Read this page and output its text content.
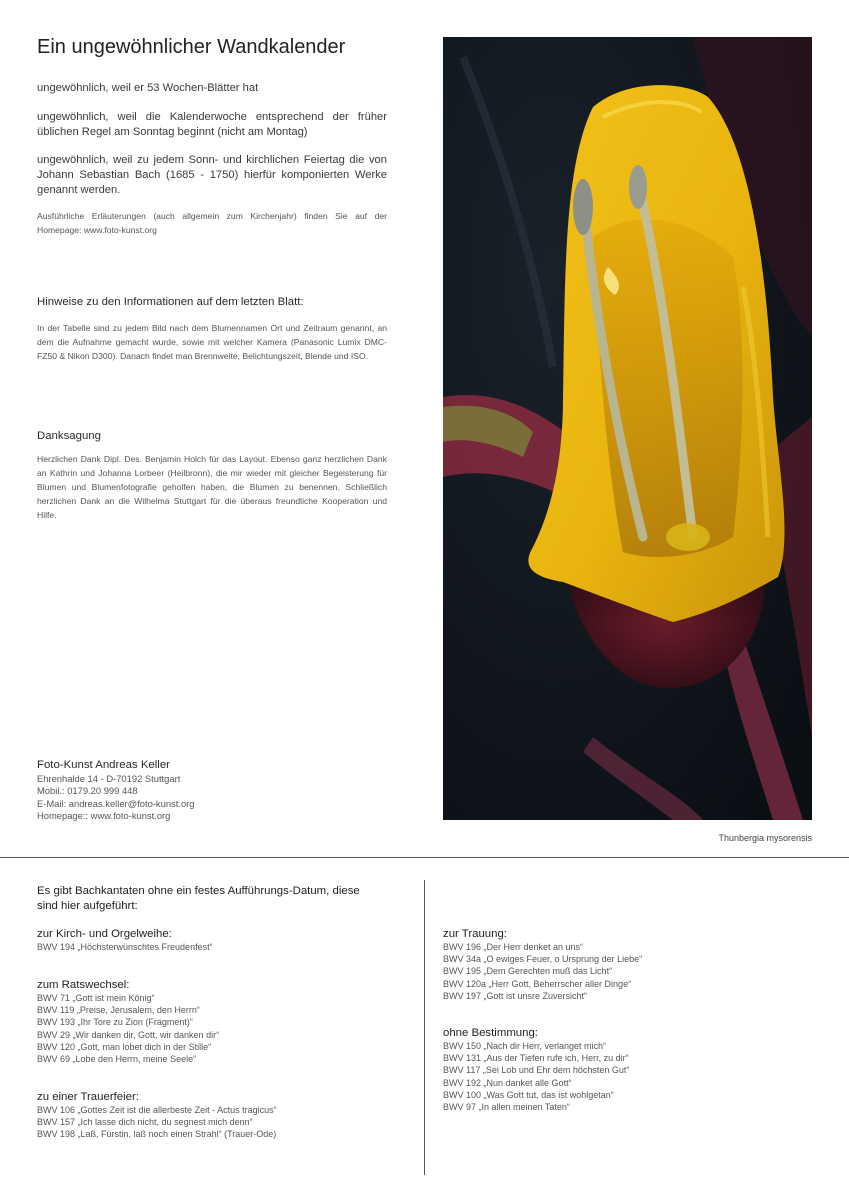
Ein ungewöhnlicher Wandkalender
ungewöhnlich, weil er 53 Wochen-Blätter hat
ungewöhnlich, weil die Kalenderwoche entsprechend der früher üblichen Regel am Sonntag beginnt (nicht am Montag)
ungewöhnlich, weil zu jedem Sonn- und kirchlichen Feiertag die von Johann Sebastian Bach (1685 - 1750) hierfür komponierten Werke genannt werden.
Ausführliche Erläuterungen (auch allgemein zum Kirchenjahr) finden Sie auf der Homepage: www.foto-kunst.org
Hinweise zu den Informationen auf dem letzten Blatt:
In der Tabelle sind zu jedem Bild nach dem Blumennamen Ort und Zeitraum genannt, an dem die Aufnahme gemacht wurde, sowie mit welcher Kamera (Panasonic Lumix DMC-FZ50 & Nikon D300). Danach findet man Brennweite, Belichtungszeit, Blende und ISO.
Danksagung
Herzlichen Dank Dipl. Des. Benjamin Holch für das Layout. Ebenso ganz herzlichen Dank an Kathrin und Johanna Lorbeer (Heilbronn), die mir wieder mit gleicher Begeisterung für Blumen und Blumenfotografie geholfen haben, die Blumen zu benennen. Schließlich herzlichen Dank an die Wilhelma Stuttgart für die überaus freundliche Kooperation und Hilfe.
Foto-Kunst Andreas Keller
Ehrenhalde 14 - D-70192 Stuttgart
Mobil.: 0179.20 999 448
E-Mail: andreas.keller@foto-kunst.org
Homepage:: www.foto-kunst.org
Thunbergia mysorensis
Es gibt Bachkantaten ohne ein festes Aufführungs-Datum, diese sind hier aufgeführt:
zur Kirch- und Orgelweihe:
BWV 194 „Höchsterwünschtes Freudenfest“
zum Ratswechsel:
BWV 71 „Gott ist mein König“
BWV 119 „Preise, Jerusalem, den Herrn“
BWV 193 „Ihr Tore zu Zion (Fragment)“
BWV 29 „Wir danken dir, Gott, wir danken dir“
BWV 120 „Gott, man lobet dich in der Stille“
BWV 69 „Lobe den Herrn, meine Seele“
zu einer Trauerfeier:
BWV 106 „Gottes Zeit ist die allerbeste Zeit - Actus tragicus“
BWV 157 „Ich lasse dich nicht, du segnest mich denn“
BWV 198 „Laß, Fürstin, laß noch einen Strahl“ (Trauer-Ode)
zur Trauung:
BWV 196 „Der Herr denket an uns“
BWV 34a „O ewiges Feuer, o Ursprung der Liebe“
BWV 195 „Dem Gerechten muß das Licht“
BWV 120a „Herr Gott, Beherrscher aller Dinge“
BWV 197 „Gott ist unsre Zuversicht“
ohne Bestimmung:
BWV 150 „Nach dir Herr, verlanget mich“
BWV 131 „Aus der Tiefen rufe ich, Herr, zu dir“
BWV 117 „Sei Lob und Ehr dem höchsten Gut“
BWV 192 „Nun danket alle Gott“
BWV 100 „Was Gott tut, das ist wohlgetan“
BWV 97 „In allen meinen Taten“
